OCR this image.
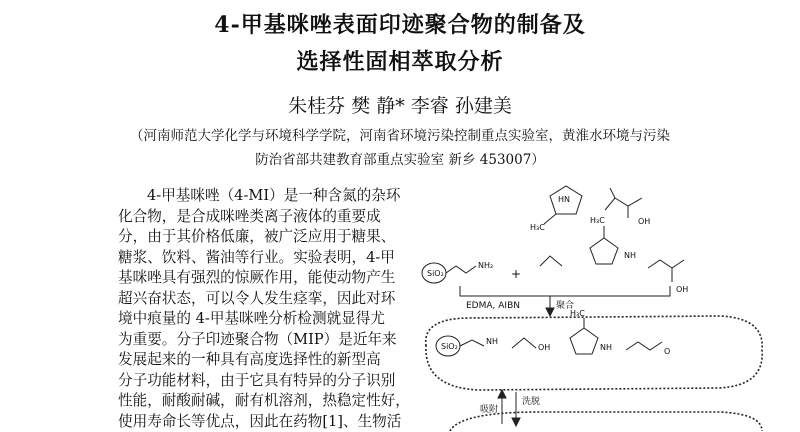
4-甲基咪唑表面印迹聚合物的制备及
选择性固相萃取分析
朱桂芬 樊 静* 李睿 孙建美
（河南师范大学化学与环境科学学院，河南省环境污染控制重点实验室，黄淮水环境与污染
防治省部共建教育部重点实验室 新乡 453007）
4-甲基咪唑（4-MI）是一种含氮的杂环
化合物，是合成咪唑类离子液体的重要成
分，由于其价格低廉，被广泛应用于糖果、
糖浆、饮料、酱油等行业。实验表明，4-甲
基咪唑具有强烈的惊厥作用，能使动物产生
超兴奋状态，可以令人发生痉挛，因此对环
境中痕量的 4-甲基咪唑分析检测就显得尤
为重要。分子印迹聚合物（MIP）是近年来
发展起来的一种具有高度选择性的新型高
分子功能材料，由于它具有特异的分子识别
性能，耐酸耐碱，耐有机溶剂，热稳定性好，
使用寿命长等优点，因此在药物[1]、生物活
HN
H₃C
OH
SiO₂
NH₂
+
H₃C
NH
OH
EDMA, AIBN	聚合
SiO₂
NH
H₃C
OH	NH	O
吸附
洗脱
